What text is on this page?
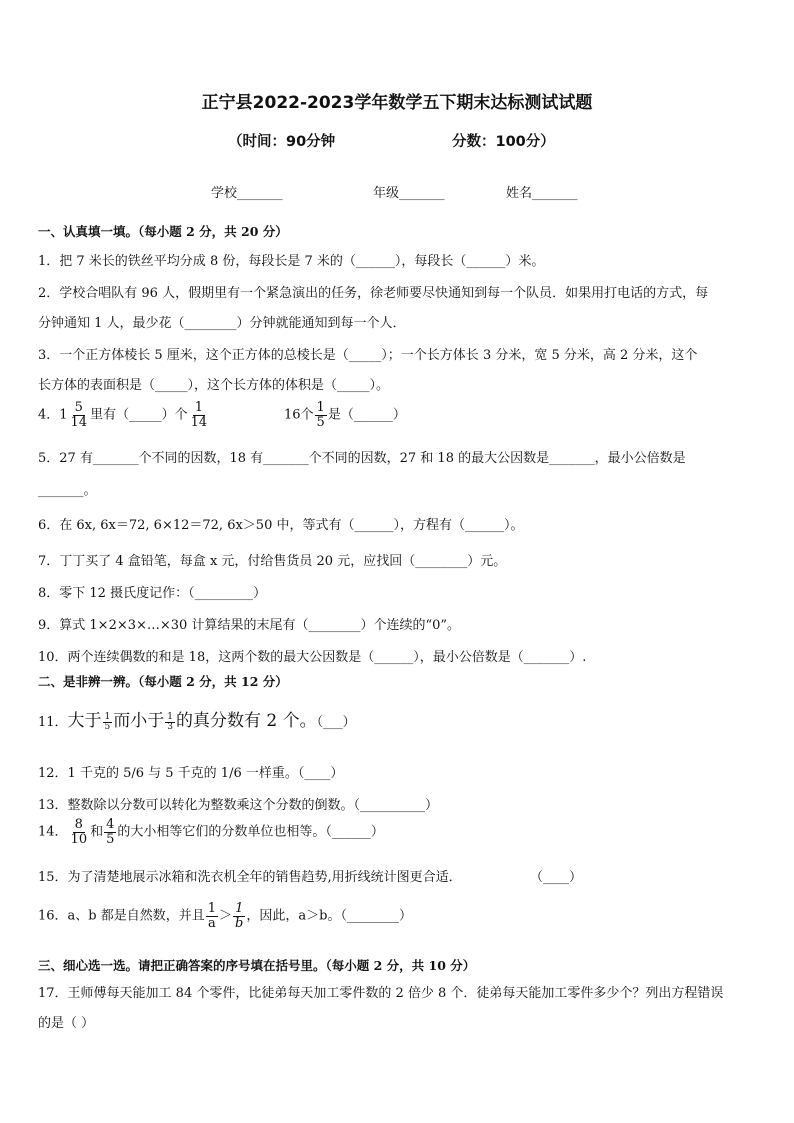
正宁县2022-2023学年数学五下期末达标测试试题
（时间：90分钟	分数：100分）
学校_______	年级_______	姓名_______
一、认真填一填。（每小题 2 分，共 20 分）
1．把 7 米长的铁丝平均分成 8 份，每段长是 7 米的（______），每段长（______）米。
2．学校合唱队有 96 人，假期里有一个紧急演出的任务，徐老师要尽快通知到每一个队员．如果用打电话的方式，每
分钟通知 1 人，最少花（________）分钟就能通知到每一个人．
3．一个正方体棱长 5 厘米，这个正方体的总棱长是（_____）；一个长方体长 3 分米，宽 5 分米，高 2 分米，这个
长方体的表面积是（_____），这个长方体的体积是（_____）。
4．$1 \frac{5}{14}$ 里有（_____）个 $\frac{1}{14}$	16个 $\frac{1}{5}$ 是（______）
5．27 有_______个不同的因数，18 有_______个不同的因数，27 和 18 的最大公因数是_______，最小公倍数是
_______。
6．在 6x, 6x＝72, 6×12＝72, 6x＞50 中，等式有（______），方程有（______）。
7．丁丁买了 4 盒铅笔，每盒 x 元，付给售货员 20 元，应找回（________）元。
8．零下 12 摄氏度记作：（_________）
9．算式 1×2×3×…×30 计算结果的末尾有（________）个连续的“0”。
10．两个连续偶数的和是 18，这两个数的最大公因数是（______），最小公倍数是（_______）.
二、是非辨一辨。（每小题 2 分，共 12 分）
11．大于 $\frac{1}{5}$ 而小于 $\frac{1}{3}$ 的真分数有 2 个。（___）
12．1 千克的 5/6 与 5 千克的 1/6 一样重。（____）
13．整数除以分数可以转化为整数乘这个分数的倒数。（__________）
14． $\frac{8}{10}$ 和 $\frac{4}{5}$ 的大小相等它们的分数单位也相等。（______）
15．为了清楚地展示冰箱和洗衣机全年的销售趋势,用折线统计图更合适．	（____）
16．a、b 都是自然数，并且 $\frac{1}{a} > \frac{1}{b}$ ，因此，a＞b。（________）
三、细心选一选。请把正确答案的序号填在括号里。（每小题 2 分，共 10 分）
17．王师傅每天能加工 84 个零件，比徒弟每天加工零件数的 2 倍少 8 个．徒弟每天能加工零件多少个？列出方程错误
的是（ ）
